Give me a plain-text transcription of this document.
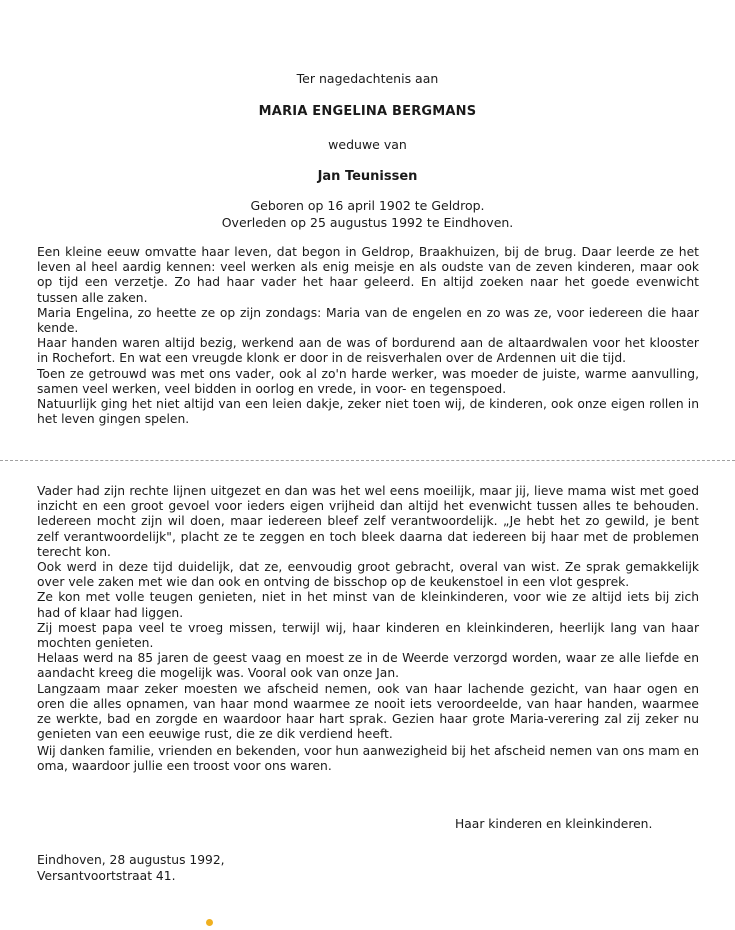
Ter nagedachtenis aan
MARIA ENGELINA BERGMANS
weduwe van
Jan Teunissen
Geboren op 16 april 1902 te Geldrop.
Overleden op 25 augustus 1992 te Eindhoven.

Een kleine eeuw omvatte haar leven, dat begon in Geldrop, Braakhuizen, bij de brug. Daar leerde ze het leven al heel aardig kennen: veel werken als enig meisje en als oudste van de zeven kinderen, maar ook op tijd een verzetje. Zo had haar vader het haar geleerd. En altijd zoeken naar het goede evenwicht tussen alle zaken.

Maria Engelina, zo heette ze op zijn zondags: Maria van de engelen en zo was ze, voor iedereen die haar kende.

Haar handen waren altijd bezig, werkend aan de was of bordurend aan de altaardwalen voor het klooster in Rochefort. En wat een vreugde klonk er door in de reisverhalen over de Ardennen uit die tijd.

Toen ze getrouwd was met ons vader, ook al zo'n harde werker, was moeder de juiste, warme aanvulling, samen veel werken, veel bidden in oorlog en vrede, in voor- en tegenspoed.

Natuurlijk ging het niet altijd van een leien dakje, zeker niet toen wij, de kinderen, ook onze eigen rollen in het leven gingen spelen.

Vader had zijn rechte lijnen uitgezet en dan was het wel eens moeilijk, maar jij, lieve mama wist met goed inzicht en een groot gevoel voor ieders eigen vrijheid dan altijd het evenwicht tussen alles te behouden. Iedereen mocht zijn wil doen, maar iedereen bleef zelf verantwoordelijk. „Je hebt het zo gewild, je bent zelf verantwoordelijk", placht ze te zeggen en toch bleek daarna dat iedereen bij haar met de problemen terecht kon.

Ook werd in deze tijd duidelijk, dat ze, eenvoudig groot gebracht, overal van wist. Ze sprak gemakkelijk over vele zaken met wie dan ook en ontving de bisschop op de keukenstoel in een vlot gesprek.

Ze kon met volle teugen genieten, niet in het minst van de kleinkinderen, voor wie ze altijd iets bij zich had of klaar had liggen.

Zij moest papa veel te vroeg missen, terwijl wij, haar kinderen en kleinkinderen, heerlijk lang van haar mochten genieten.

Helaas werd na 85 jaren de geest vaag en moest ze in de Weerde verzorgd worden, waar ze alle liefde en aandacht kreeg die mogelijk was. Vooral ook van onze Jan.

Langzaam maar zeker moesten we afscheid nemen, ook van haar lachende gezicht, van haar ogen en oren die alles opnamen, van haar mond waarmee ze nooit iets veroordeelde, van haar handen, waarmee ze werkte, bad en zorgde en waardoor haar hart sprak. Gezien haar grote Maria-verering zal zij zeker nu genieten van een eeuwige rust, die ze dik verdiend heeft.

Wij danken familie, vrienden en bekenden, voor hun aanwezigheid bij het afscheid nemen van ons mam en oma, waardoor jullie een troost voor ons waren.
Haar kinderen en kleinkinderen.
Eindhoven, 28 augustus 1992,
Versantvoortstraat 41.
